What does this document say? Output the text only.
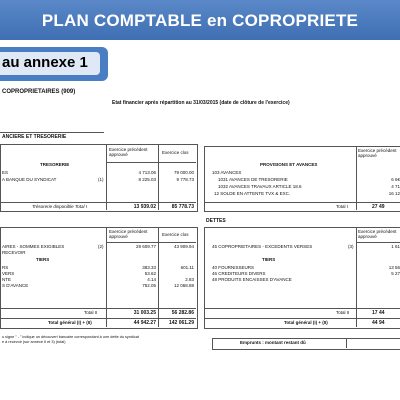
PLAN COMPTABLE en COPROPRIETE
au annexe 1
COPROPRIETAIRES (909)
Etat financier après répartition au 31/03/2015 (date de clôture de l'exercice)
ANCIERE ET TRESORERIE
Exercice précédent approuvé	Exercice clos
TRESORERIE
ES	4 713.06	79 000.00
A BANQUE DU SYNDICAT	(1)	8 225.03	9 778.73
Trésorerie disponible Total I	13 939.02	85 778.73
PROVISIONS ET AVANCES
Exercice précédent approuvé
103 AVANCES
1031 AVANCES DE TRESORERIE	6 6€
1032 AVANCES TRAVAUX ARTICLE 18.6	4 71
12 SOLDE EN ATTENTE TVX & EXC.	16 12
Total I	27 49
DETTES
Exercice précédent approuvé	Exercice clos
AIRES - SOMMES EXIGIBLES	(2)	29 609.77	43 909.94
RECEVOIR
TIERS
RS	383.33	601.11
VERS	53.62
NTE	4.14	2.83
S D'AVANCE	752.05	12 068.88
Total II	31 003.25	56 282.86
Total général (I) + (II)	44 942.27	142 061.29
Exercice précédent approuvé
45 COPROPRIETAIRES - EXCEDENTS VERSES	(3)	1 61
TIERS
40 FOURNISSEURS	13 56
46 CREDITEURS DIVERS	5 27
48 PRODUITS ENCAISSES D'AVANCE
Total II	17 44
Total général (I) + (II)	44 94
Emprunts : montant restant dû
u signe " - " indique un découvert bancaire correspondant à une dette du syndicat
e à recevoir (sur annexe II et 3) (total)
